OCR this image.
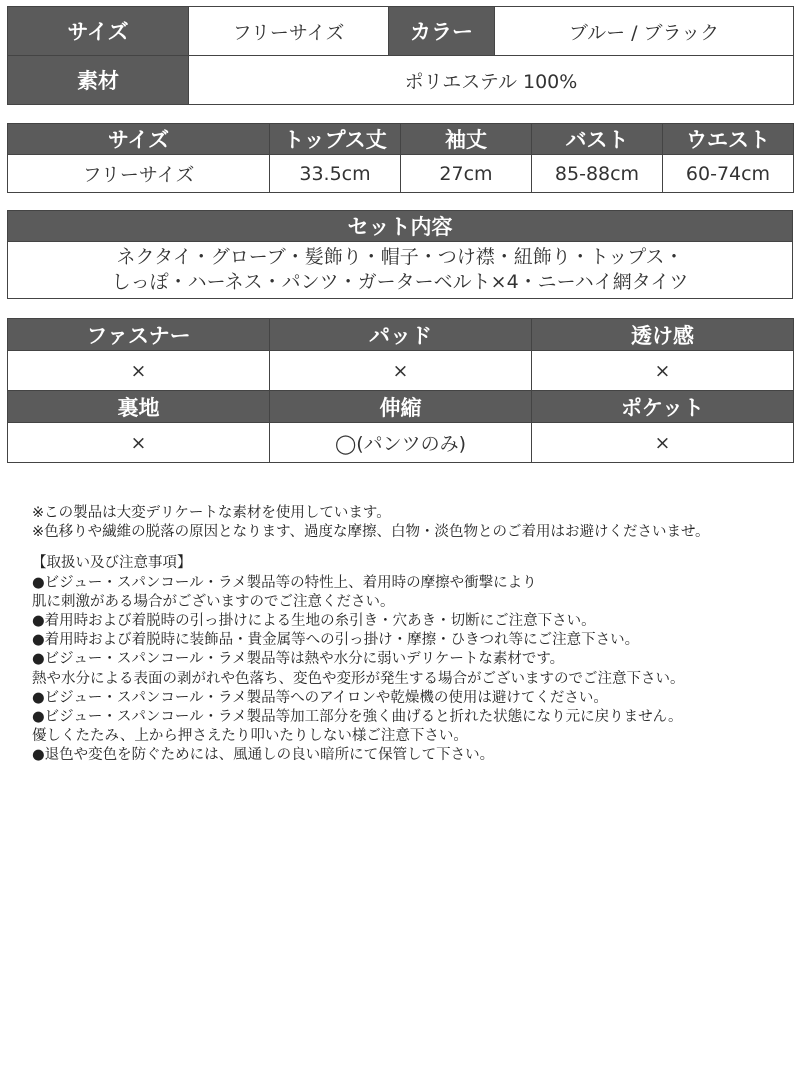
サイズ	フリーサイズ	カラー	ブルー / ブラック
素材	ポリエステル 100%		
サイズ	トップス丈	袖丈	バスト	ウエスト
フリーサイズ	33.5cm	27cm	85-88cm	60-74cm
セット内容

ネクタイ・グローブ・髪飾り・帽子・つけ襟・紐飾り・トップス・
しっぽ・ハーネス・パンツ・ガーターベルト×4・ニーハイ網タイツ
ファスナー	パッド	透け感
×	×	×
裏地	伸縮	ポケット
×	◯(パンツのみ)	×
※この製品は大変デリケートな素材を使用しています。
※色移りや繊維の脱落の原因となります、過度な摩擦、白物・淡色物とのご着用はお避けくださいませ。
【取扱い及び注意事項】
●ビジュー・スパンコール・ラメ製品等の特性上、着用時の摩擦や衝撃により
肌に刺激がある場合がございますのでご注意ください。
●着用時および着脱時の引っ掛けによる生地の糸引き・穴あき・切断にご注意下さい。
●着用時および着脱時に装飾品・貴金属等への引っ掛け・摩擦・ひきつれ等にご注意下さい。
●ビジュー・スパンコール・ラメ製品等は熱や水分に弱いデリケートな素材です。
熱や水分による表面の剥がれや色落ち、変色や変形が発生する場合がございますのでご注意下さい。
●ビジュー・スパンコール・ラメ製品等へのアイロンや乾燥機の使用は避けてください。
●ビジュー・スパンコール・ラメ製品等加工部分を強く曲げると折れた状態になり元に戻りません。
優しくたたみ、上から押さえたり叩いたりしない様ご注意下さい。
●退色や変色を防ぐためには、風通しの良い暗所にて保管して下さい。
